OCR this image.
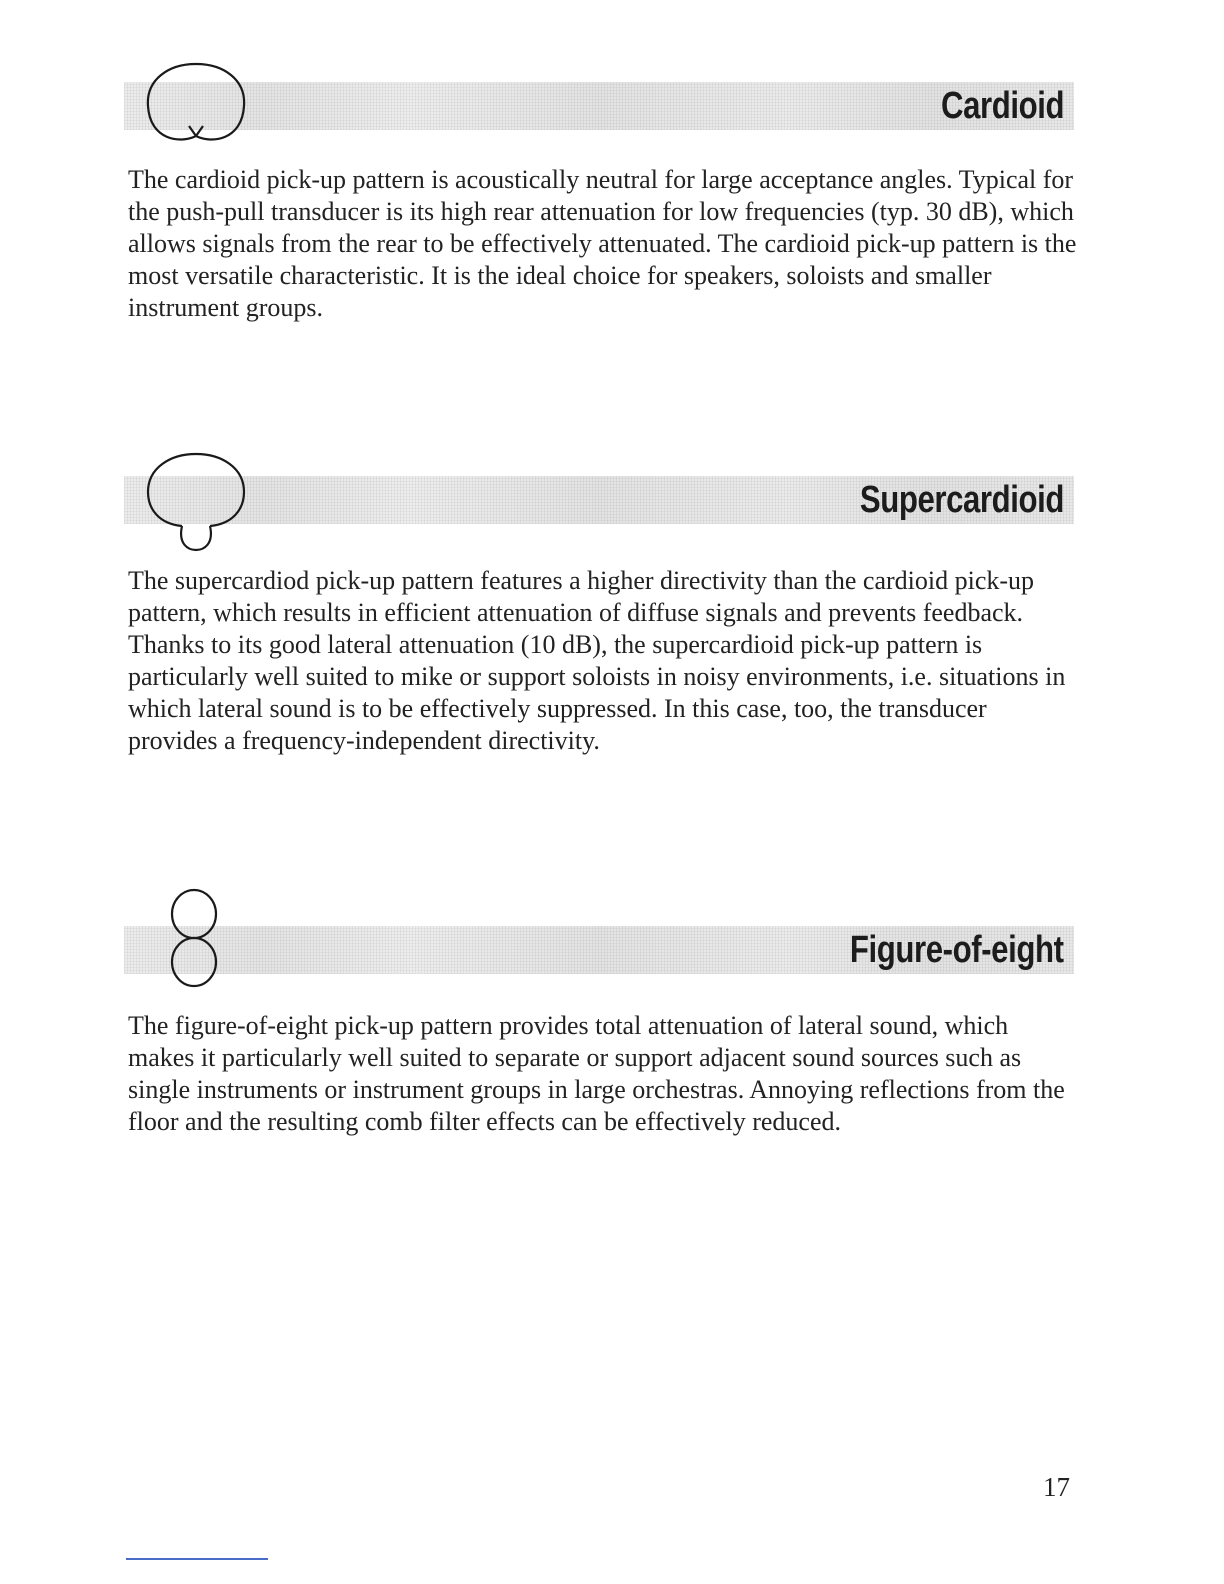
Cardioid

The cardioid pick-up pattern is acoustically neutral for large acceptance angles. Typical for the push-pull transducer is its high rear attenuation for low frequencies (typ. 30 dB), which allows signals from the rear to be effectively attenuated. The cardioid pick-up pattern is the most versatile characteristic. It is the ideal choice for speakers, soloists and smaller instrument groups.

Supercardioid

The supercardiod pick-up pattern features a higher directivity than the cardioid pick-up pattern, which results in efficient attenuation of diffuse signals and prevents feedback. Thanks to its good lateral attenuation (10 dB), the supercardioid pick-up pattern is particularly well suited to mike or support soloists in noisy environments, i.e. situations in which lateral sound is to be effectively suppressed. In this case, too, the transducer provides a frequency-independent directivity.

Figure-of-eight

The figure-of-eight pick-up pattern provides total attenuation of lateral sound, which makes it particularly well suited to separate or support adjacent sound sources such as single instruments or instrument groups in large orchestras. Annoying reflections from the floor and the resulting comb filter effects can be effectively reduced.

17
